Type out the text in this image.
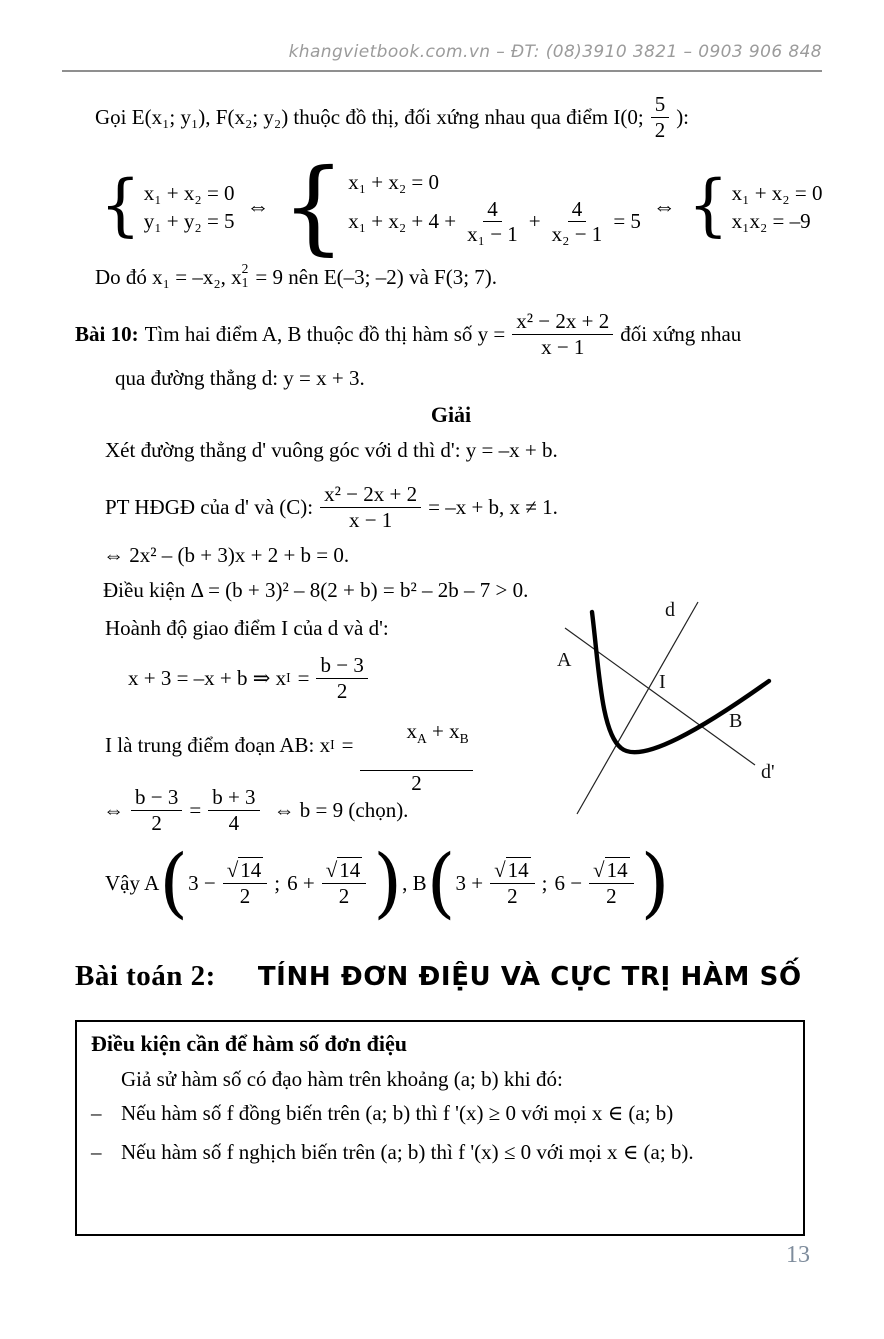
khangvietbook.com.vn – ĐT: (08)3910 3821 – 0903 906 848
Gọi E(x₁; y₁), F(x₂; y₂) thuộc đồ thị, đối xứng nhau qua điểm I(0; $\frac{5}{2}$ ):
{ x₁ + x₂ = 0
y₁ + y₂ = 5
⇔ { x₁ + x₂ = 0
$x_1 + x_2 + 4 + \frac{4}{\text{x₁ − 1}} + \frac{4}{\text{x₂ − 1}} = 5$
⇔ { x₁ + x₂ = 0
x₁x₂ = –9
Do đó x₁ = –x₂, x 2
1 = 9 nên E(–3; –2) và F(3; 7).
Bài 10: Tìm hai điểm A, B thuộc đồ thị hàm số $y = \frac{\text{x² − 2x + 2}}{x - 1}$ đối xứng nhau
qua đường thẳng d: y = x + 3.
Giải
Xét đường thẳng d' vuông góc với d thì d': y = –x + b.
PT HĐGĐ của d' và (C): $\frac{\text{x² − 2x + 2}}{x - 1} = -x + b$, x ≠ 1.
⇔ 2x² – (b + 3)x + 2 + b = 0.
Điều kiện Δ = (b + 3)² – 8(2 + b) = b² – 2b – 7 > 0.
Hoành độ giao điểm I của d và d':
x + 3 = –x + b ⇒ x $I = \frac{b - 3}{2}$
I là trung điểm đoạn AB: x $I = \frac{x_A + x_B}{2}$
⇔ $\frac{b - 3}{2} = \frac{b + 3}{4}$ ⇔ b = 9 (chọn).
Vậy A ( $3 - \frac{√14}{2}$ ; $6 + \frac{√14}{2}$ ) , B ( $3 + \frac{√14}{2}$ ; $6 - \frac{√14}{2}$ )
d
A
I
B
d'
Bài toán 2: TÍNH ĐƠN ĐIỆU VÀ CỰC TRỊ HÀM SỐ
Điều kiện cần để hàm số đơn điệu
Giả sử hàm số có đạo hàm trên khoảng (a; b) khi đó:
– Nếu hàm số f đồng biến trên (a; b) thì f '(x) ≥ 0 với mọi x ∈ (a; b)
– Nếu hàm số f nghịch biến trên (a; b) thì f '(x) ≤ 0 với mọi x ∈ (a; b).
13
